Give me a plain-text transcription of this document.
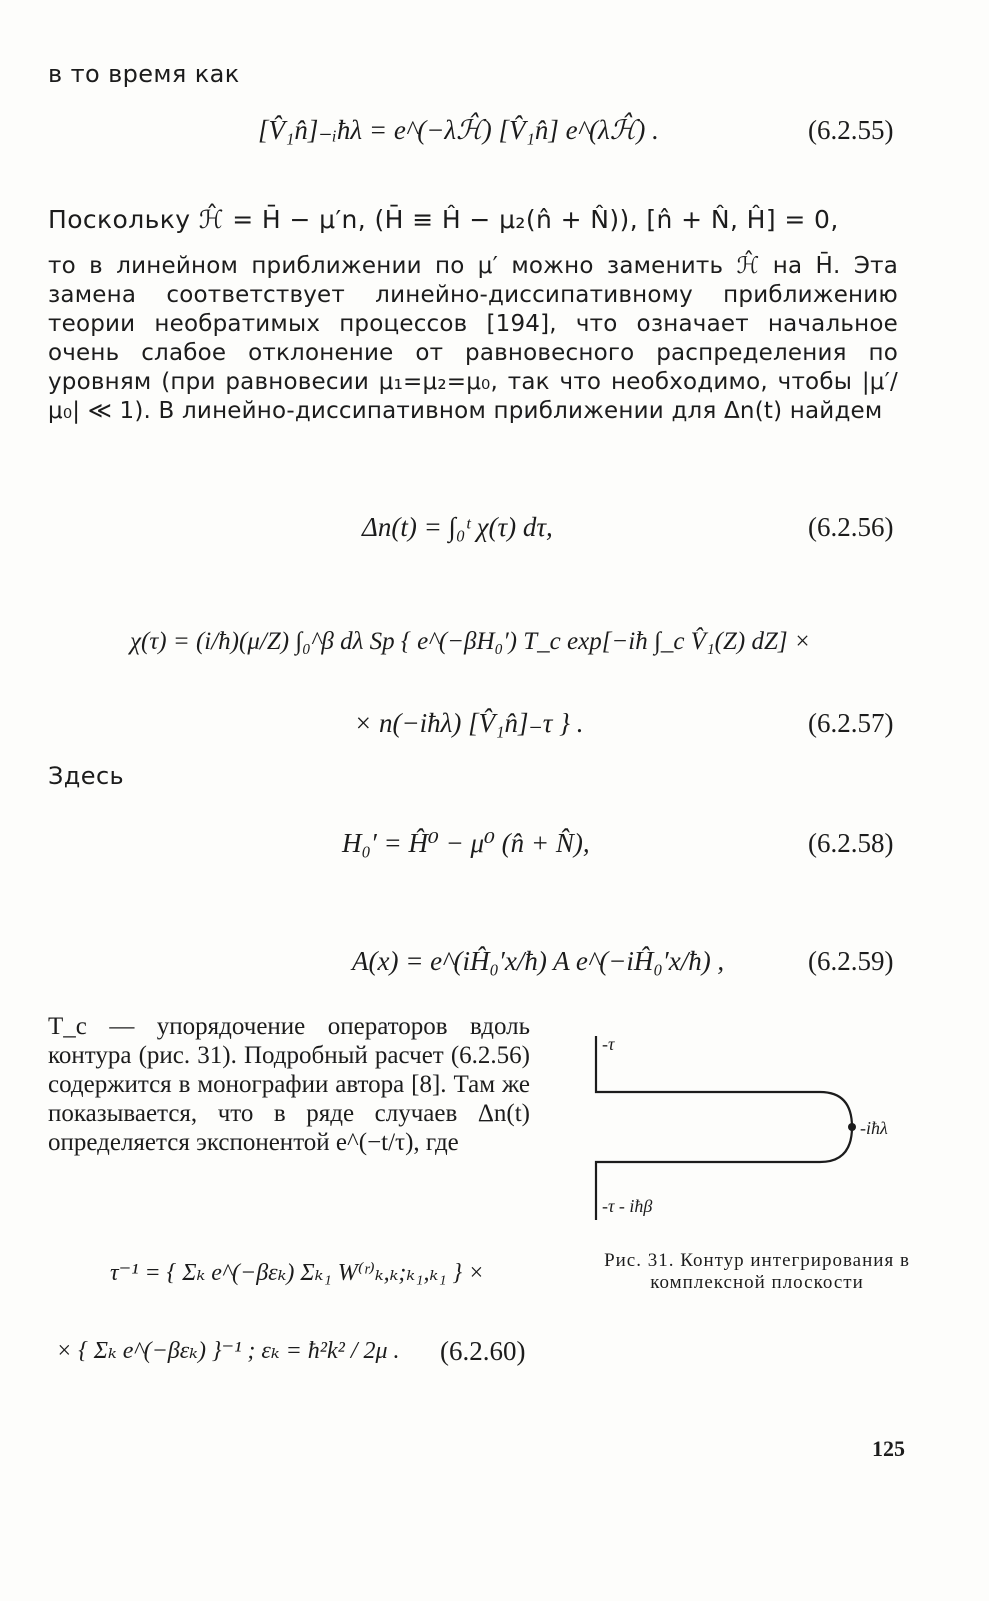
в то время как
[V̂₁n̂]₋ᵢħλ = e^(−λℋ̂) [V̂₁n̂] e^(λℋ̂) .	(6.2.55)
Поскольку ℋ̂ = H̄ − μ′n, (H̄ ≡ Ĥ − μ₂(n̂ + N̂)), [n̂ + N̂, Ĥ] = 0,
то в линейном приближении по μ′ можно заменить ℋ̂ на H̄. Эта замена соответствует линейно-диссипативному приближению теории необратимых процессов [194], что означает начальное очень слабое отклонение от равновесного распределения по уровням (при равновесии μ₁=μ₂=μ₀, так что необходимо, чтобы |μ′/μ₀| ≪ 1). В линейно-диссипативном приближении для Δn(t) найдем
Δn(t) = ∫₀ᵗ χ(τ) dτ,	(6.2.56)
χ(τ) = (i/ħ)(μ/Z) ∫₀^β dλ Sp { e^(−βH₀′) T_c exp[−iħ ∫_c V̂₁(Z) dZ] ×
× n(−iħλ) [V̂₁n̂]₋τ } .	(6.2.57)
Здесь
H₀′ = Ĥ⁰ − μ⁰ (n̂ + N̂),	(6.2.58)
A(x) = e^(iĤ₀′x/ħ) A e^(−iĤ₀′x/ħ) ,	(6.2.59)
T_c — упорядочение операторов вдоль контура (рис. 31). Подробный расчет (6.2.56) содержится в монографии автора [8]. Там же показывается, что в ряде случаев Δn(t) определяется экспонентой e^(−t/τ), где
τ⁻¹ = { Σₖ e^(−βεₖ) Σₖ₁ W⁽ʳ⁾ₖ,ₖ;ₖ₁,ₖ₁ } ×
× { Σₖ e^(−βεₖ) }⁻¹ ; εₖ = ħ²k² / 2μ . (6.2.60)
-τ
-iħλ
-τ - iħβ
Рис. 31. Контур интегрирования в комплексной плоскости
125
